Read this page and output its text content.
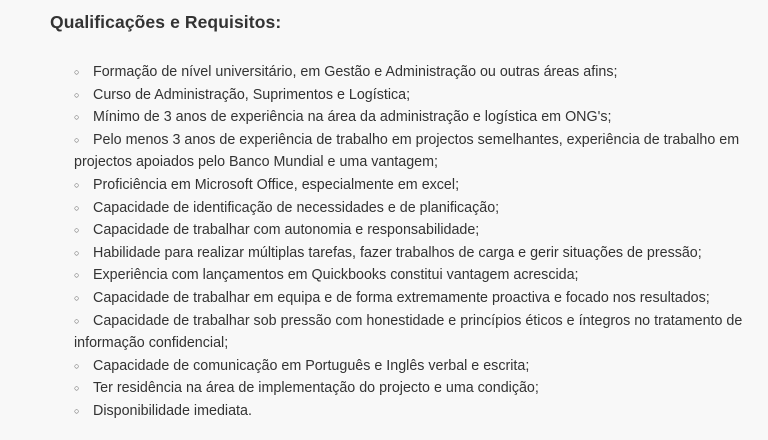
Qualificações e Requisitos:
○ Formação de nível universitário, em Gestão e Administração ou outras áreas afins;
○ Curso de Administração, Suprimentos e Logística;
○ Mínimo de 3 anos de experiência na área da administração e logística em ONG's;
○ Pelo menos 3 anos de experiência de trabalho em projectos semelhantes, experiência de trabalho em projectos apoiados pelo Banco Mundial e uma vantagem;
○ Proficiência em Microsoft Office, especialmente em excel;
○ Capacidade de identificação de necessidades e de planificação;
○ Capacidade de trabalhar com autonomia e responsabilidade;
○ Habilidade para realizar múltiplas tarefas, fazer trabalhos de carga e gerir situações de pressão;
○ Experiência com lançamentos em Quickbooks constitui vantagem acrescida;
○ Capacidade de trabalhar em equipa e de forma extremamente proactiva e focado nos resultados;
○ Capacidade de trabalhar sob pressão com honestidade e princípios éticos e íntegros no tratamento de informação confidencial;
○ Capacidade de comunicação em Português e Inglês verbal e escrita;
○ Ter residência na área de implementação do projecto e uma condição;
○ Disponibilidade imediata.
